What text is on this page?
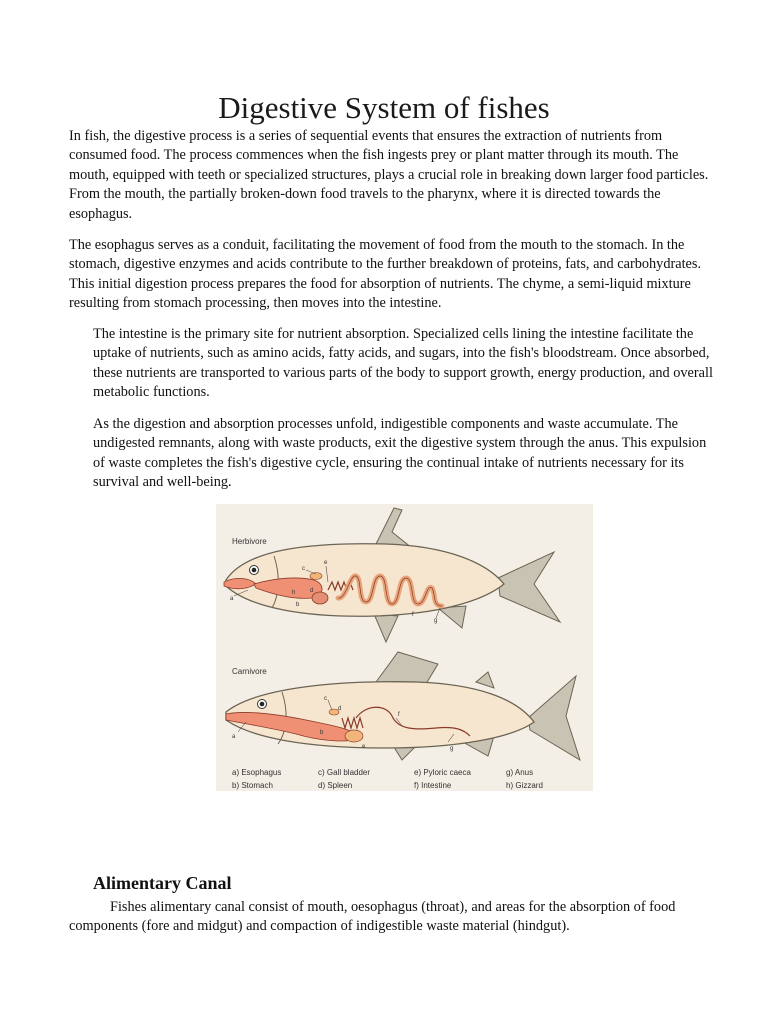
Digestive System of fishes

In fish, the digestive process is a series of sequential events that ensures the extraction of nutrients from consumed food. The process commences when the fish ingests prey or plant matter through its mouth. The mouth, equipped with teeth or specialized structures, plays a crucial role in breaking down larger food particles. From the mouth, the partially broken-down food travels to the pharynx, where it is directed towards the esophagus.

The esophagus serves as a conduit, facilitating the movement of food from the mouth to the stomach. In the stomach, digestive enzymes and acids contribute to the further breakdown of proteins, fats, and carbohydrates. This initial digestion process prepares the food for absorption of nutrients. The chyme, a semi-liquid mixture resulting from stomach processing, then moves into the intestine.

The intestine is the primary site for nutrient absorption. Specialized cells lining the intestine facilitate the uptake of nutrients, such as amino acids, fatty acids, and sugars, into the fish's bloodstream. Once absorbed, these nutrients are transported to various parts of the body to support growth, energy production, and overall metabolic functions.

As the digestion and absorption processes unfold, indigestible components and waste accumulate. The undigested remnants, along with waste products, exit the digestive system through the anus. This expulsion of waste completes the fish's digestive cycle, ensuring the continual intake of nutrients necessary for its survival and well-being.

Herbivore
a
b
c
d
e
f
g
h
Carnivore
a
b
c
d
e
f
g
a) Esophagus	c) Gall bladder	e) Pyloric caeca	g) Anus
b) Stomach	d) Spleen	f) Intestine	h) Gizzard
Alimentary Canal

Fishes alimentary canal consist of mouth, oesophagus (throat), and areas for the absorption of food components (fore and midgut) and compaction of indigestible waste material (hindgut).
